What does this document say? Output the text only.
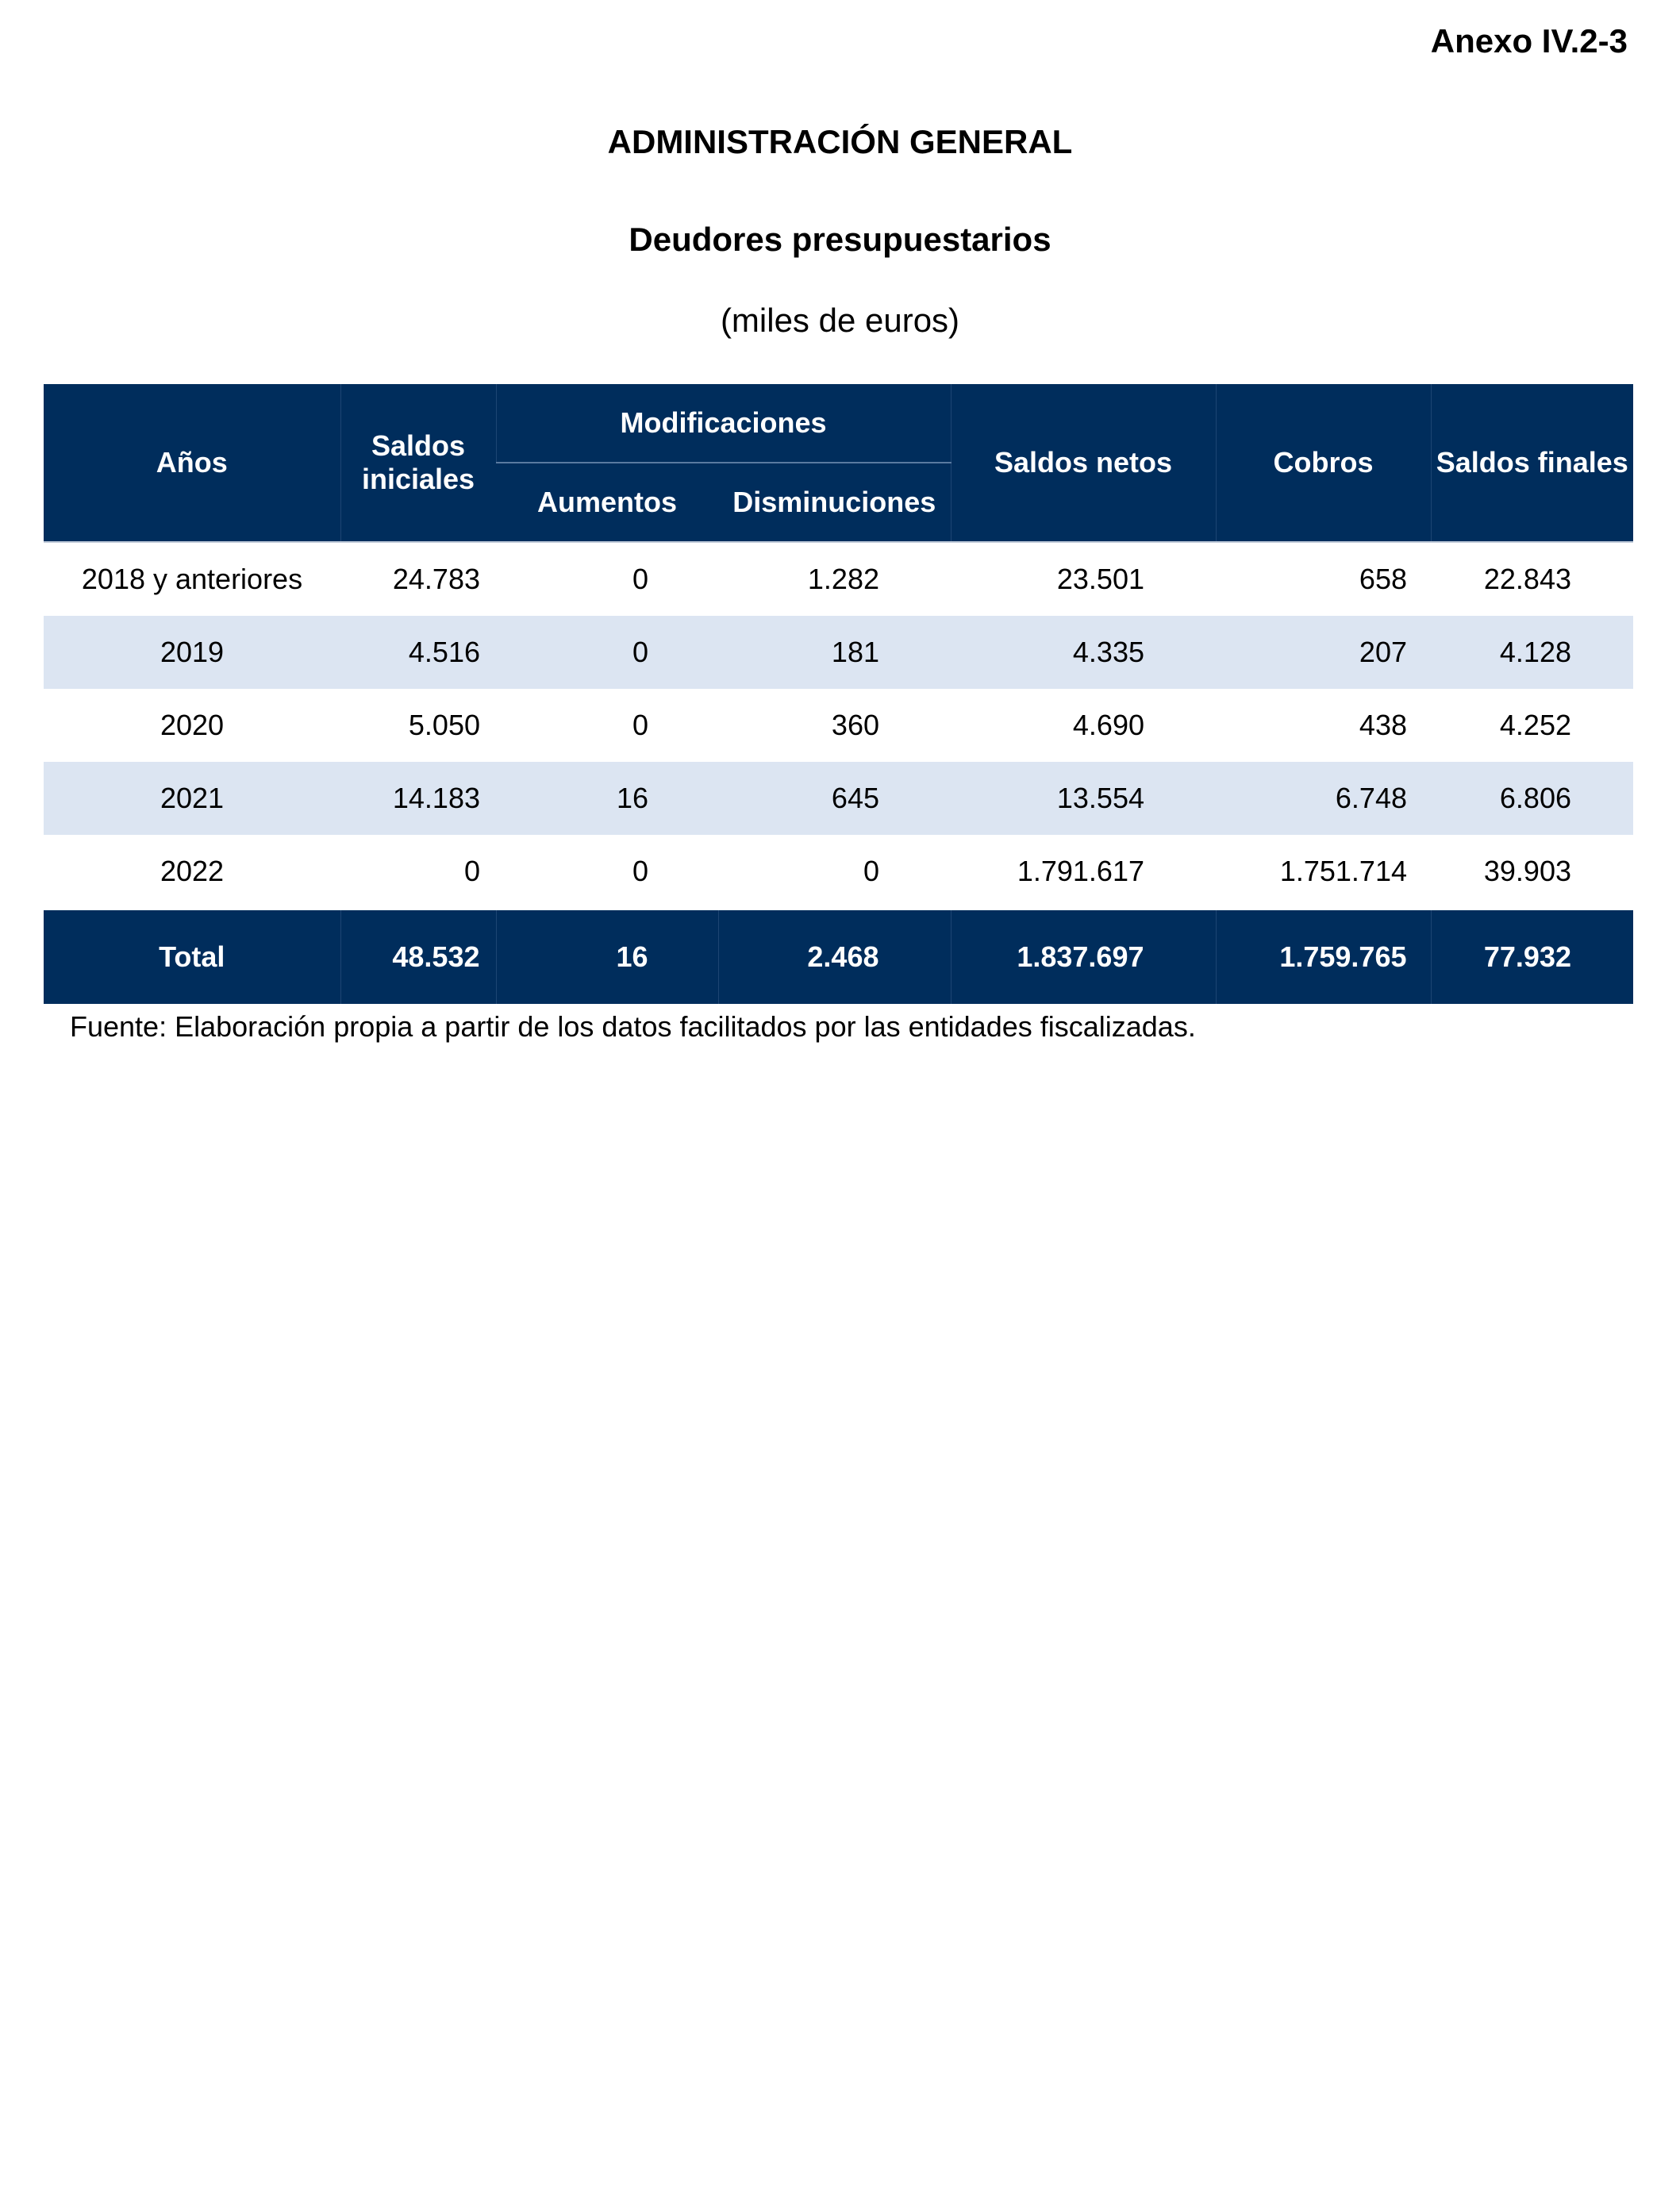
Anexo IV.2-3
ADMINISTRACIÓN GENERAL
Deudores presupuestarios
(miles de euros)
Años	Saldos iniciales	Modificaciones		Saldos netos	Cobros	Saldos finales
		Aumentos	Disminuciones			
2018 y anteriores	24.783	0	1.282	23.501	658	22.843
2019	4.516	0	181	4.335	207	4.128
2020	5.050	0	360	4.690	438	4.252
2021	14.183	16	645	13.554	6.748	6.806
2022	0	0	0	1.791.617	1.751.714	39.903
Total	48.532	16	2.468	1.837.697	1.759.765	77.932
Fuente: Elaboración propia a partir de los datos facilitados por las entidades fiscalizadas.
